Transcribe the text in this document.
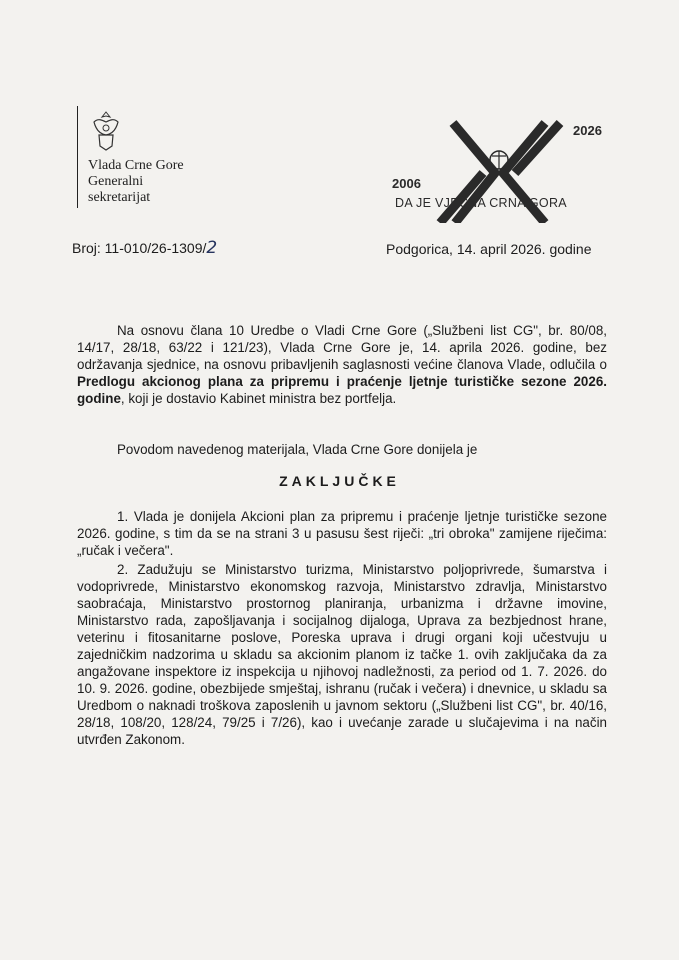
Vlada Crne Gore
Generalni
sekretarijat
2026
2006
DA JE VJEČNA CRNA GORA
Broj: 11-010/26-1309/2	Podgorica, 14. april 2026. godine
Na osnovu člana 10 Uredbe o Vladi Crne Gore („Službeni list CG", br. 80/08, 14/17, 28/18, 63/22 i 121/23), Vlada Crne Gore je, 14. aprila 2026. godine, bez održavanja sjednice, na osnovu pribavljenih saglasnosti većine članova Vlade, odlučila o Predlogu akcionog plana za pripremu i praćenje ljetnje turističke sezone 2026. godine, koji je dostavio Kabinet ministra bez portfelja.
Povodom navedenog materijala, Vlada Crne Gore donijela je
ZAKLJUČKE
1. Vlada je donijela Akcioni plan za pripremu i praćenje ljetnje turističke sezone 2026. godine, s tim da se na strani 3 u pasusu šest riječi: „tri obroka" zamijene riječima: „ručak i večera".
2. Zadužuju se Ministarstvo turizma, Ministarstvo poljoprivrede, šumarstva i vodoprivrede, Ministarstvo ekonomskog razvoja, Ministarstvo zdravlja, Ministarstvo saobraćaja, Ministarstvo prostornog planiranja, urbanizma i državne imovine, Ministarstvo rada, zapošljavanja i socijalnog dijaloga, Uprava za bezbjednost hrane, veterinu i fitosanitarne poslove, Poreska uprava i drugi organi koji učestvuju u zajedničkim nadzorima u skladu sa akcionim planom iz tačke 1. ovih zaključaka da za angažovane inspektore iz inspekcija u njihovoj nadležnosti, za period od 1. 7. 2026. do 10. 9. 2026. godine, obezbijede smještaj, ishranu (ručak i večera) i dnevnice, u skladu sa Uredbom o naknadi troškova zaposlenih u javnom sektoru („Službeni list CG", br. 40/16, 28/18, 108/20, 128/24, 79/25 i 7/26), kao i uvećanje zarade u slučajevima i na način utvrđen Zakonom.
